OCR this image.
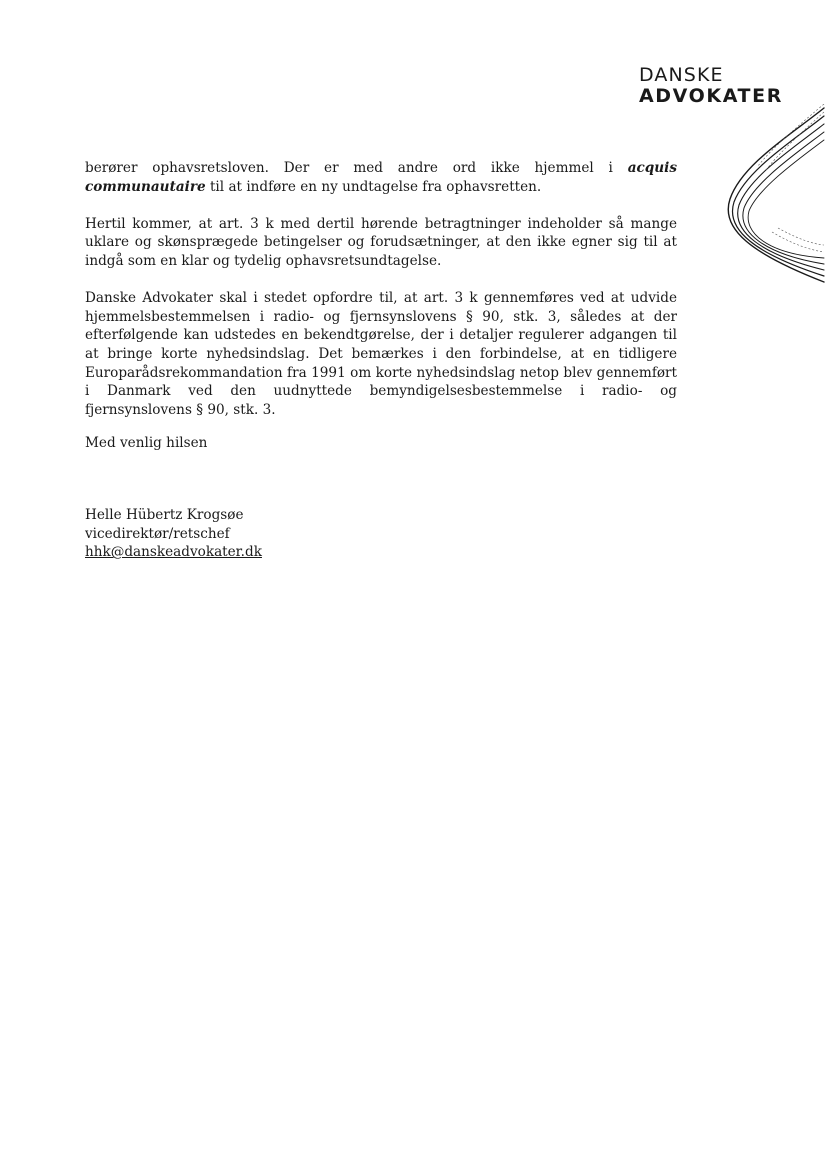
DANSKE
ADVOKATER

berører ophavsretsloven. Der er med andre ord ikke hjemmel i acquis communautaire til at indføre en ny undtagelse fra ophavsretten.

Hertil kommer, at art. 3 k med dertil hørende betragtninger indeholder så mange uklare og skønsprægede betingelser og forudsætninger, at den ikke egner sig til at indgå som en klar og tydelig ophavsretsundtagelse.

Danske Advokater skal i stedet opfordre til, at art. 3 k gennemføres ved at udvide hjemmelsbestemmelsen i radio- og fjernsynslovens § 90, stk. 3, således at der efterfølgende kan udstedes en bekendtgørelse, der i detaljer regulerer adgangen til at bringe korte nyhedsindslag. Det bemærkes i den forbindelse, at en tidligere Europarådsrekommandation fra 1991 om korte nyhedsindslag netop blev gennemført i Danmark ved den uudnyttede bemyndigelsesbestemmelse i radio- og fjernsynslovens § 90, stk. 3.

Med venlig hilsen
Helle Hübertz Krogsøe
vicedirektør/retschef
hhk@danskeadvokater.dk
